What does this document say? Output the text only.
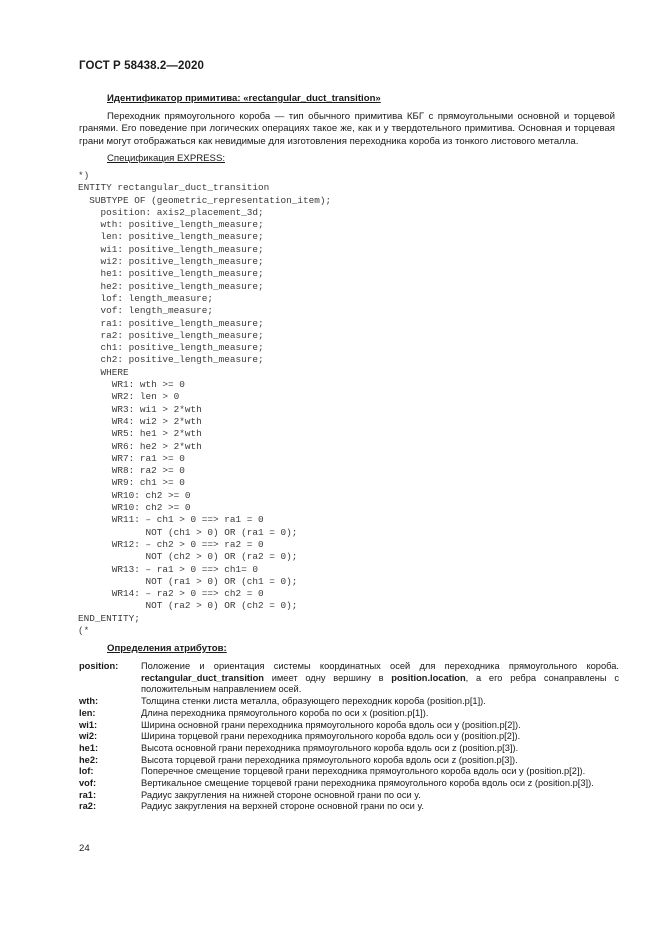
ГОСТ Р 58438.2—2020
Идентификатор примитива: «rectangular_duct_transition»

Переходник прямоугольного короба — тип обычного примитива КБГ с прямоугольными основной и торцевой гранями. Его поведение при логических операциях такое же, как и у твердотельного примитива. Основная и торцевая грани могут отображаться как невидимые для изготовления переходника короба из тонкого листового металла.

Спецификация EXPRESS:
*)
ENTITY rectangular_duct_transition
SUBTYPE OF (geometric_representation_item);
position: axis2_placement_3d;
wth: positive_length_measure;
len: positive_length_measure;
wi1: positive_length_measure;
wi2: positive_length_measure;
he1: positive_length_measure;
he2: positive_length_measure;
lof: length_measure;
vof: length_measure;
ra1: positive_length_measure;
ra2: positive_length_measure;
ch1: positive_length_measure;
ch2: positive_length_measure;
WHERE
WR1: wth >= 0
WR2: len > 0
WR3: wi1 > 2*wth
WR4: wi2 > 2*wth
WR5: he1 > 2*wth
WR6: he2 > 2*wth
WR7: ra1 >= 0
WR8: ra2 >= 0
WR9: ch1 >= 0
WR10: ch2 >= 0
WR10: ch2 >= 0
WR11: – ch1 > 0 ==> ra1 = 0
NOT (ch1 > 0) OR (ra1 = 0);
WR12: – ch2 > 0 ==> ra2 = 0
NOT (ch2 > 0) OR (ra2 = 0);
WR13: – ra1 > 0 ==> ch1= 0
NOT (ra1 > 0) OR (ch1 = 0);
WR14: – ra2 > 0 ==> ch2 = 0
NOT (ra2 > 0) OR (ch2 = 0);
END_ENTITY;
(*
Определения атрибутов:
position:	Положение и ориентация системы координатных осей для переходника прямоугольного короба. rectangular_duct_transition имеет одну вершину в position.location, а его ребра сонаправлены с положительным направлением осей.
wth:	Толщина стенки листа металла, образующего переходник короба (position.p[1]).
len:	Длина переходника прямоугольного короба по оси x (position.p[1]).
wi1:	Ширина основной грани переходника прямоугольного короба вдоль оси y (position.p[2]).
wi2:	Ширина торцевой грани переходника прямоугольного короба вдоль оси y (position.p[2]).
he1:	Высота основной грани переходника прямоугольного короба вдоль оси z (position.p[3]).
he2:	Высота торцевой грани переходника прямоугольного короба вдоль оси z (position.p[3]).
lof:	Поперечное смещение торцевой грани переходника прямоугольного короба вдоль оси y (position.p[2]).
vof:	Вертикальное смещение торцевой грани переходника прямоугольного короба вдоль оси z (position.p[3]).
ra1:	Радиус закругления на нижней стороне основной грани по оси y.
ra2:	Радиус закругления на верхней стороне основной грани по оси y.
24
